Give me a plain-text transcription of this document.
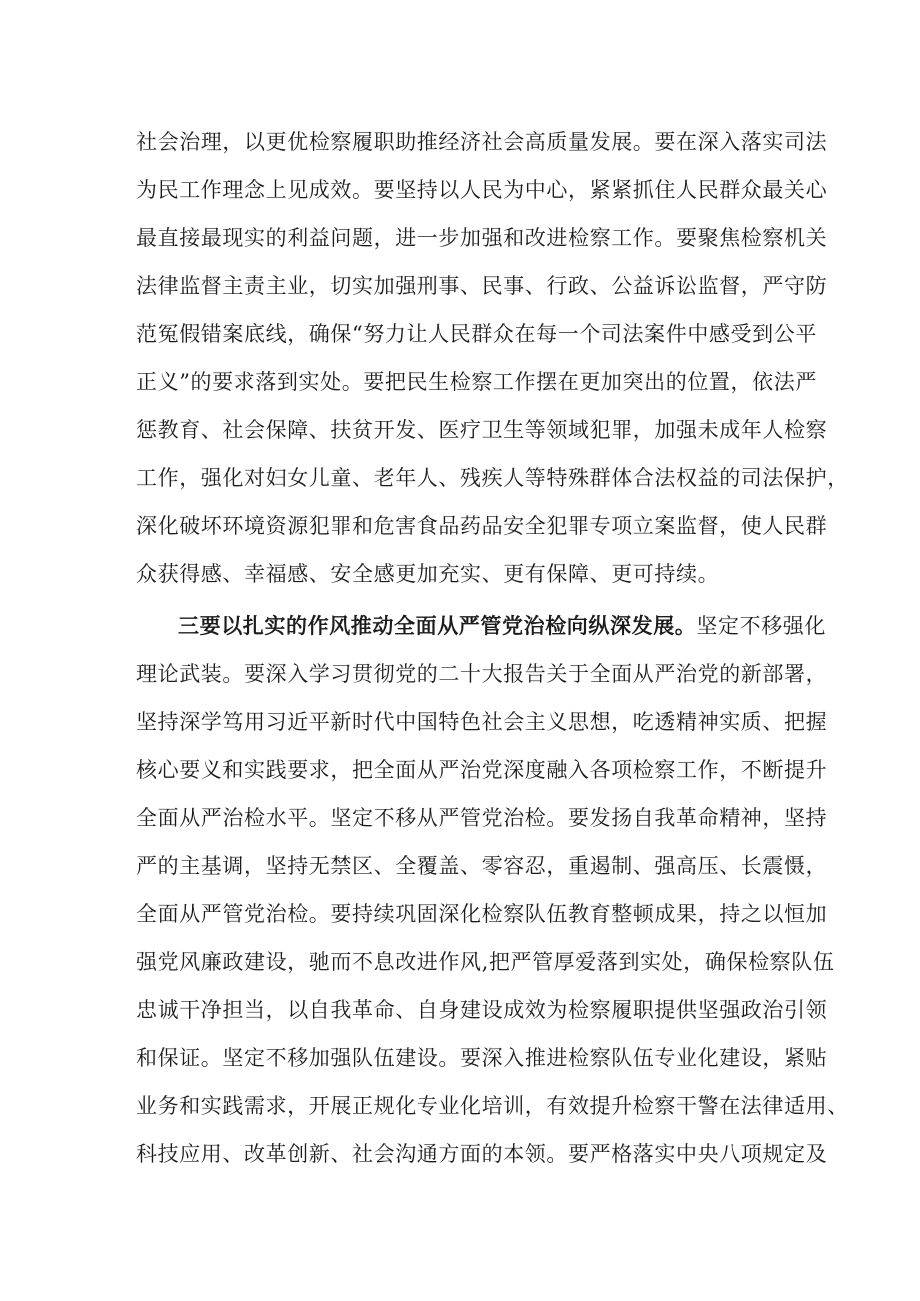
社会治理，以更优检察履职助推经济社会高质量发展。要在深入落实司法
为民工作理念上见成效。要坚持以人民为中心，紧紧抓住人民群众最关心
最直接最现实的利益问题，进一步加强和改进检察工作。要聚焦检察机关
法律监督主责主业，切实加强刑事、民事、行政、公益诉讼监督，严守防
范冤假错案底线，确保“努力让人民群众在每一个司法案件中感受到公平
正义”的要求落到实处。要把民生检察工作摆在更加突出的位置，依法严
惩教育、社会保障、扶贫开发、医疗卫生等领域犯罪，加强未成年人检察
工作，强化对妇女儿童、老年人、残疾人等特殊群体合法权益的司法保护，
深化破坏环境资源犯罪和危害食品药品安全犯罪专项立案监督，使人民群
众获得感、幸福感、安全感更加充实、更有保障、更可持续。
三要以扎实的作风推动全面从严管党治检向纵深发展。坚定不移强化
理论武装。要深入学习贯彻党的二十大报告关于全面从严治党的新部署，
坚持深学笃用习近平新时代中国特色社会主义思想，吃透精神实质、把握
核心要义和实践要求，把全面从严治党深度融入各项检察工作，不断提升
全面从严治检水平。坚定不移从严管党治检。要发扬自我革命精神，坚持
严的主基调，坚持无禁区、全覆盖、零容忍，重遏制、强高压、长震慑，
全面从严管党治检。要持续巩固深化检察队伍教育整顿成果，持之以恒加
强党风廉政建设，驰而不息改进作风,把严管厚爱落到实处，确保检察队伍
忠诚干净担当，以自我革命、自身建设成效为检察履职提供坚强政治引领
和保证。坚定不移加强队伍建设。要深入推进检察队伍专业化建设，紧贴
业务和实践需求，开展正规化专业化培训，有效提升检察干警在法律适用、
科技应用、改革创新、社会沟通方面的本领。要严格落实中央八项规定及
